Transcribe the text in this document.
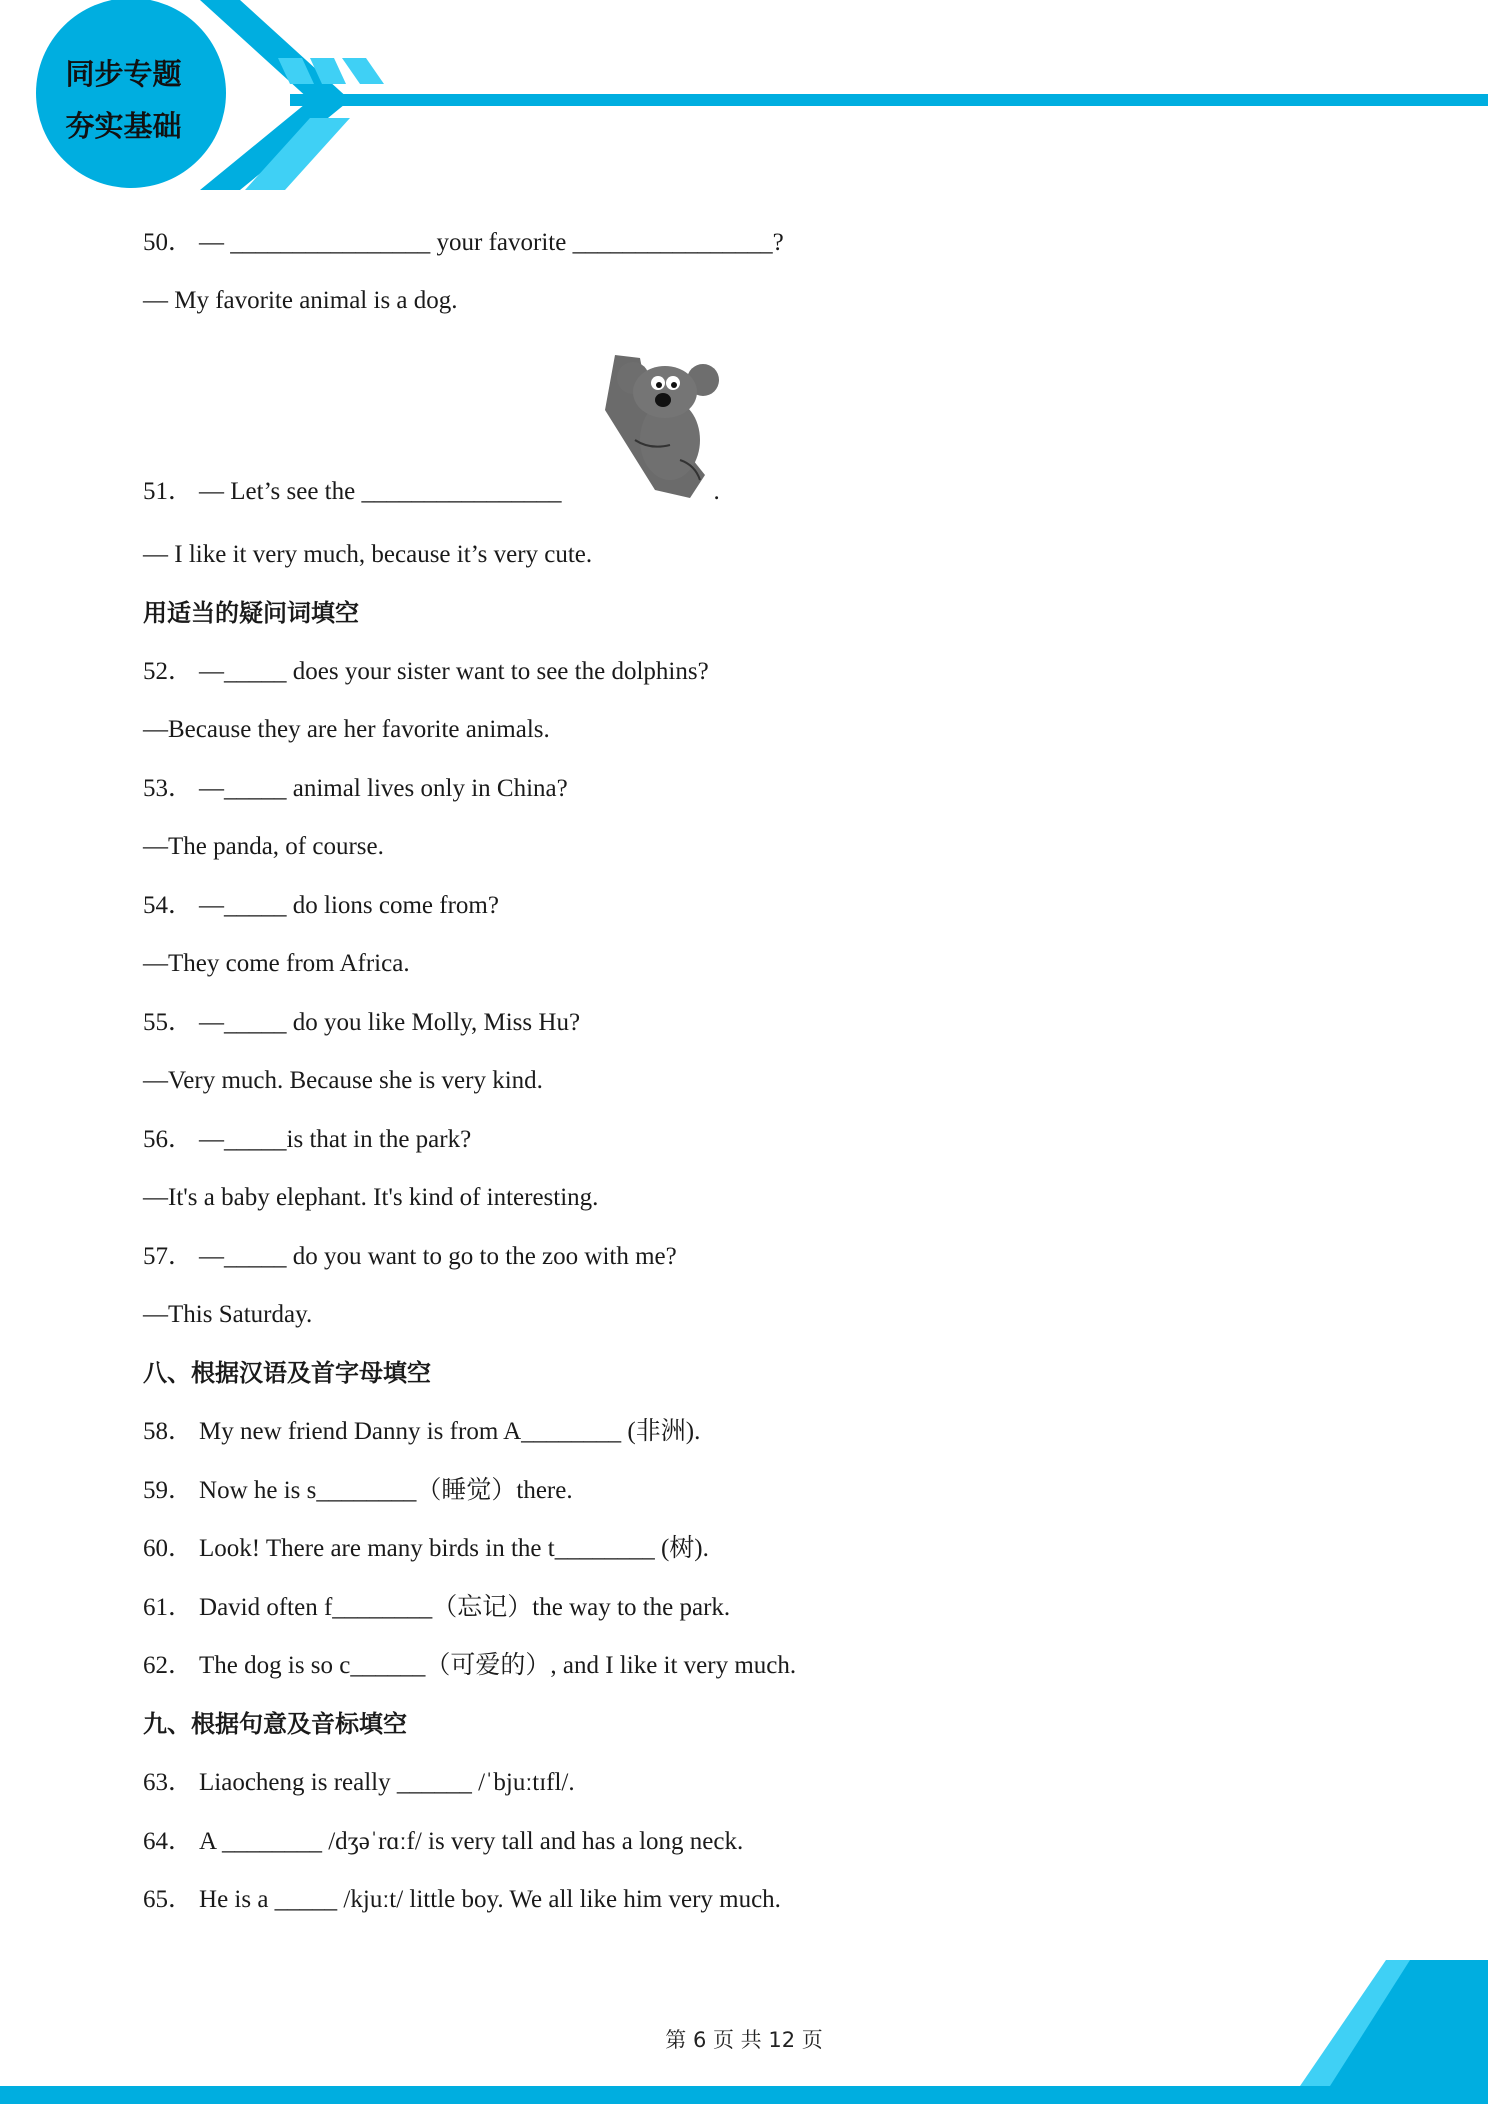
同步专题
夯实基础
50． — ________________ your favorite ________________?
— My favorite animal is a dog.
51． — Let’s see the ________________	.
— I like it very much, because it’s very cute.
用适当的疑问词填空
52． —_____ does your sister want to see the dolphins?
—Because they are her favorite animals.
53． —_____ animal lives only in China?
—The panda, of course.
54． —_____ do lions come from?
—They come from Africa.
55． —_____ do you like Molly, Miss Hu?
—Very much. Because she is very kind.
56． —_____is that in the park?
—It's a baby elephant. It's kind of interesting.
57． —_____ do you want to go to the zoo with me?
—This Saturday.
八、根据汉语及首字母填空
58． My new friend Danny is from A________ (非洲).
59． Now he is s________（睡觉）there.
60． Look! There are many birds in the t________ (树).
61． David often f________（忘记）the way to the park.
62． The dog is so c______（可爱的）, and I like it very much.
九、根据句意及音标填空
63． Liaocheng is really ______ /ˈbjuːtɪfl/.
64． A ________ /dʒəˈrɑːf/ is very tall and has a long neck.
65． He is a _____ /kjuːt/ little boy. We all like him very much.
第 6 页 共 12 页
